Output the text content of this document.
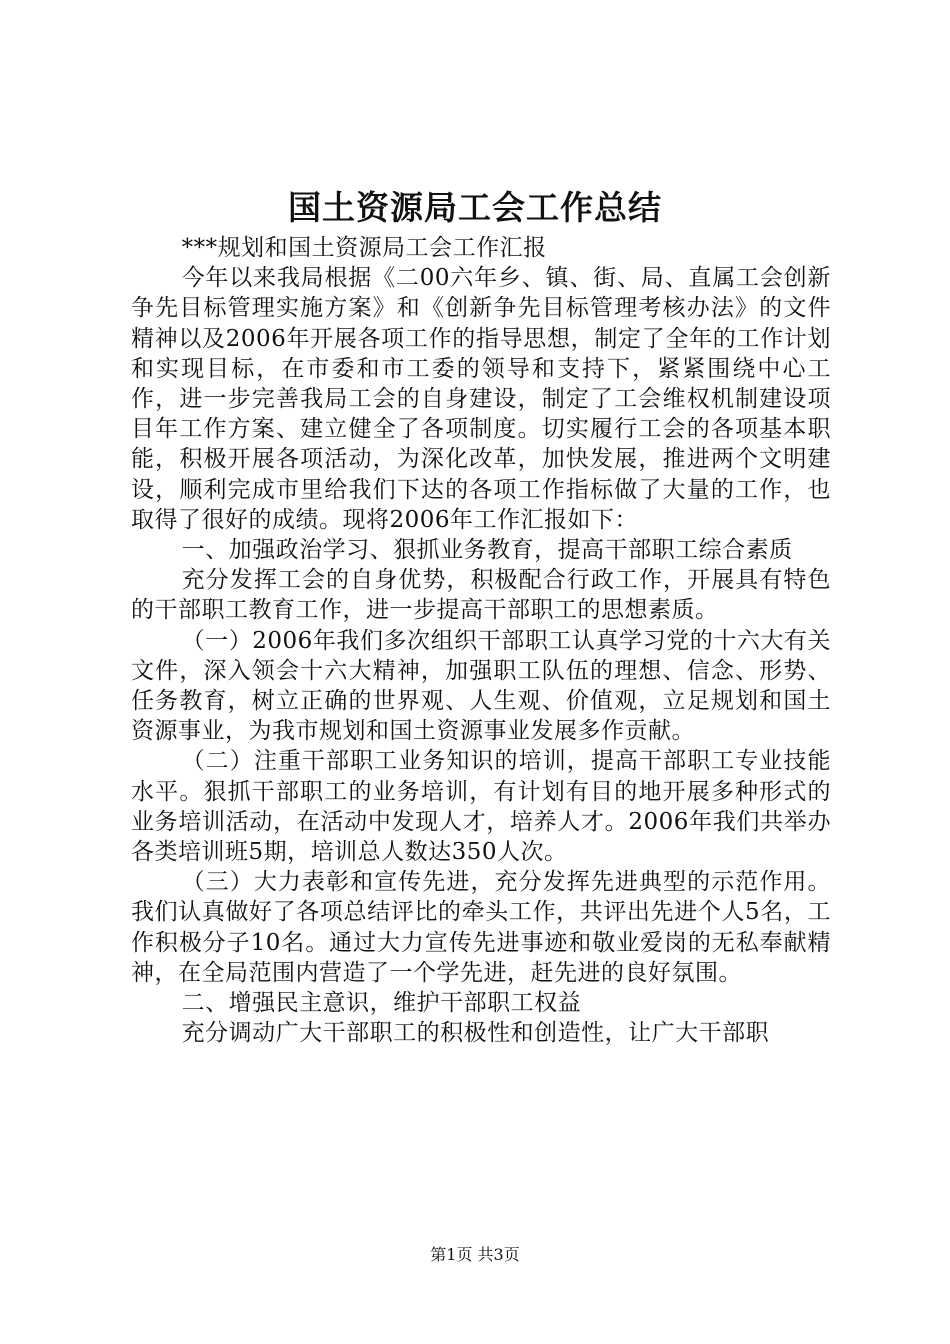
国土资源局工会工作总结

***规划和国土资源局工会工作汇报

今年以来我局根据《二00六年乡、镇、街、局、直属工会创新争先目标管理实施方案》和《创新争先目标管理考核办法》的文件精神以及2006年开展各项工作的指导思想，制定了全年的工作计划和实现目标，在市委和市工委的领导和支持下，紧紧围绕中心工作，进一步完善我局工会的自身建设，制定了工会维权机制建设项目年工作方案、建立健全了各项制度。切实履行工会的各项基本职能，积极开展各项活动，为深化改革，加快发展，推进两个文明建设，顺利完成市里给我们下达的各项工作指标做了大量的工作，也取得了很好的成绩。现将2006年工作汇报如下：

一、加强政治学习、狠抓业务教育，提高干部职工综合素质

充分发挥工会的自身优势，积极配合行政工作，开展具有特色的干部职工教育工作，进一步提高干部职工的思想素质。

（一）2006年我们多次组织干部职工认真学习党的十六大有关文件，深入领会十六大精神，加强职工队伍的理想、信念、形势、任务教育，树立正确的世界观、人生观、价值观，立足规划和国土资源事业，为我市规划和国土资源事业发展多作贡献。

（二）注重干部职工业务知识的培训，提高干部职工专业技能水平。狠抓干部职工的业务培训，有计划有目的地开展多种形式的业务培训活动，在活动中发现人才，培养人才。2006年我们共举办各类培训班5期，培训总人数达350人次。

（三）大力表彰和宣传先进，充分发挥先进典型的示范作用。我们认真做好了各项总结评比的牵头工作，共评出先进个人5名，工作积极分子10名。通过大力宣传先进事迹和敬业爱岗的无私奉献精神，在全局范围内营造了一个学先进，赶先进的良好氛围。

二、增强民主意识，维护干部职工权益

充分调动广大干部职工的积极性和创造性，让广大干部职

第1页 共3页
